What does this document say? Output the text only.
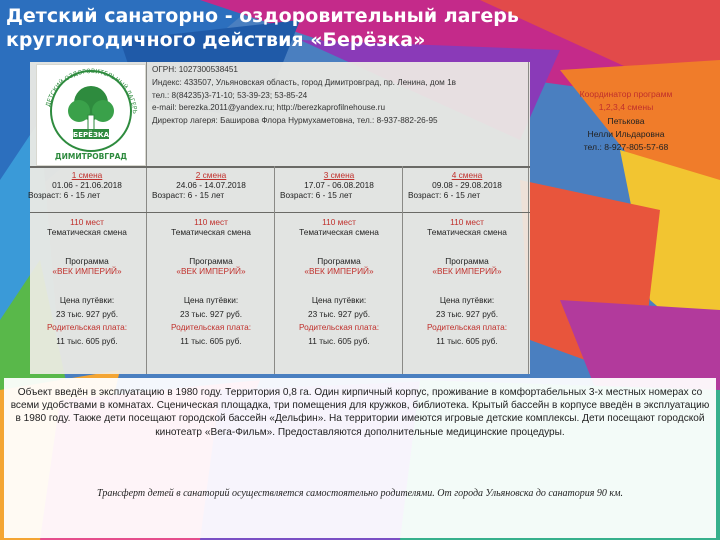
Детский санаторно - оздоровительный лагерь круглогодичного действия «Берёзка»
ДЕТСКИЙ ОЗДОРОВИТЕЛЬНЫЙ ЛАГЕРЬ
БЕРЁЗКА
ДИМИТРОВГРАД
ОГРН: 1027300538451
Индекс: 433507, Ульяновская область, город Димитровград, пр. Ленина, дом 1в
тел.: 8(84235)3-71-10; 53-39-23; 53-85-24
e-mail: berezka.2011@yandex.ru; http://berezkaprofilnehouse.ru
Директор лагеря: Баширова Флора Нурмухаметовна, тел.: 8-937-882-26-95
Координатор программ
1,2,3,4 смены
Петькова
Нелли Ильдаровна
тел.: 8-927-805-57-68
1 смена
01.06 - 21.06.2018
Возраст: 6 - 15 лет
110 мест
Тематическая смена
Программа
«ВЕК ИМПЕРИЙ»
Цена путёвки:
23 тыс. 927 руб.
Родительская плата:
11 тыс. 605 руб.
2 смена
24.06 - 14.07.2018
Возраст: 6 - 15 лет
110 мест
Тематическая смена
Программа
«ВЕК ИМПЕРИЙ»
Цена путёвки:
23 тыс. 927 руб.
Родительская плата:
11 тыс. 605 руб.
3 смена
17.07 - 06.08.2018
Возраст: 6 - 15 лет
110 мест
Тематическая смена
Программа
«ВЕК ИМПЕРИЙ»
Цена путёвки:
23 тыс. 927 руб.
Родительская плата:
11 тыс. 605 руб.
4 смена
09.08 - 29.08.2018
Возраст: 6 - 15 лет
110 мест
Тематическая смена
Программа
«ВЕК ИМПЕРИЙ»
Цена путёвки:
23 тыс. 927 руб.
Родительская плата:
11 тыс. 605 руб.

Объект введён в эксплуатацию в 1980 году. Территория 0,8 га. Один кирпичный корпус, проживание в комфортабельных 3-х местных номерах со всеми удобствами в комнатах. Сценическая площадка, три помещения для кружков, библиотека. Крытый бассейн в корпусе введён в эксплуатацию в 1980 году. Также дети посещают городской бассейн «Дельфин». На территории имеются игровые детские комплексы. Дети посещают городской кинотеатр «Вега-Фильм». Предоставляются дополнительные медицинские процедуры.

Трансферт детей в санаторий осуществляется самостоятельно родителями. От города Ульяновска до санатория 90 км.
